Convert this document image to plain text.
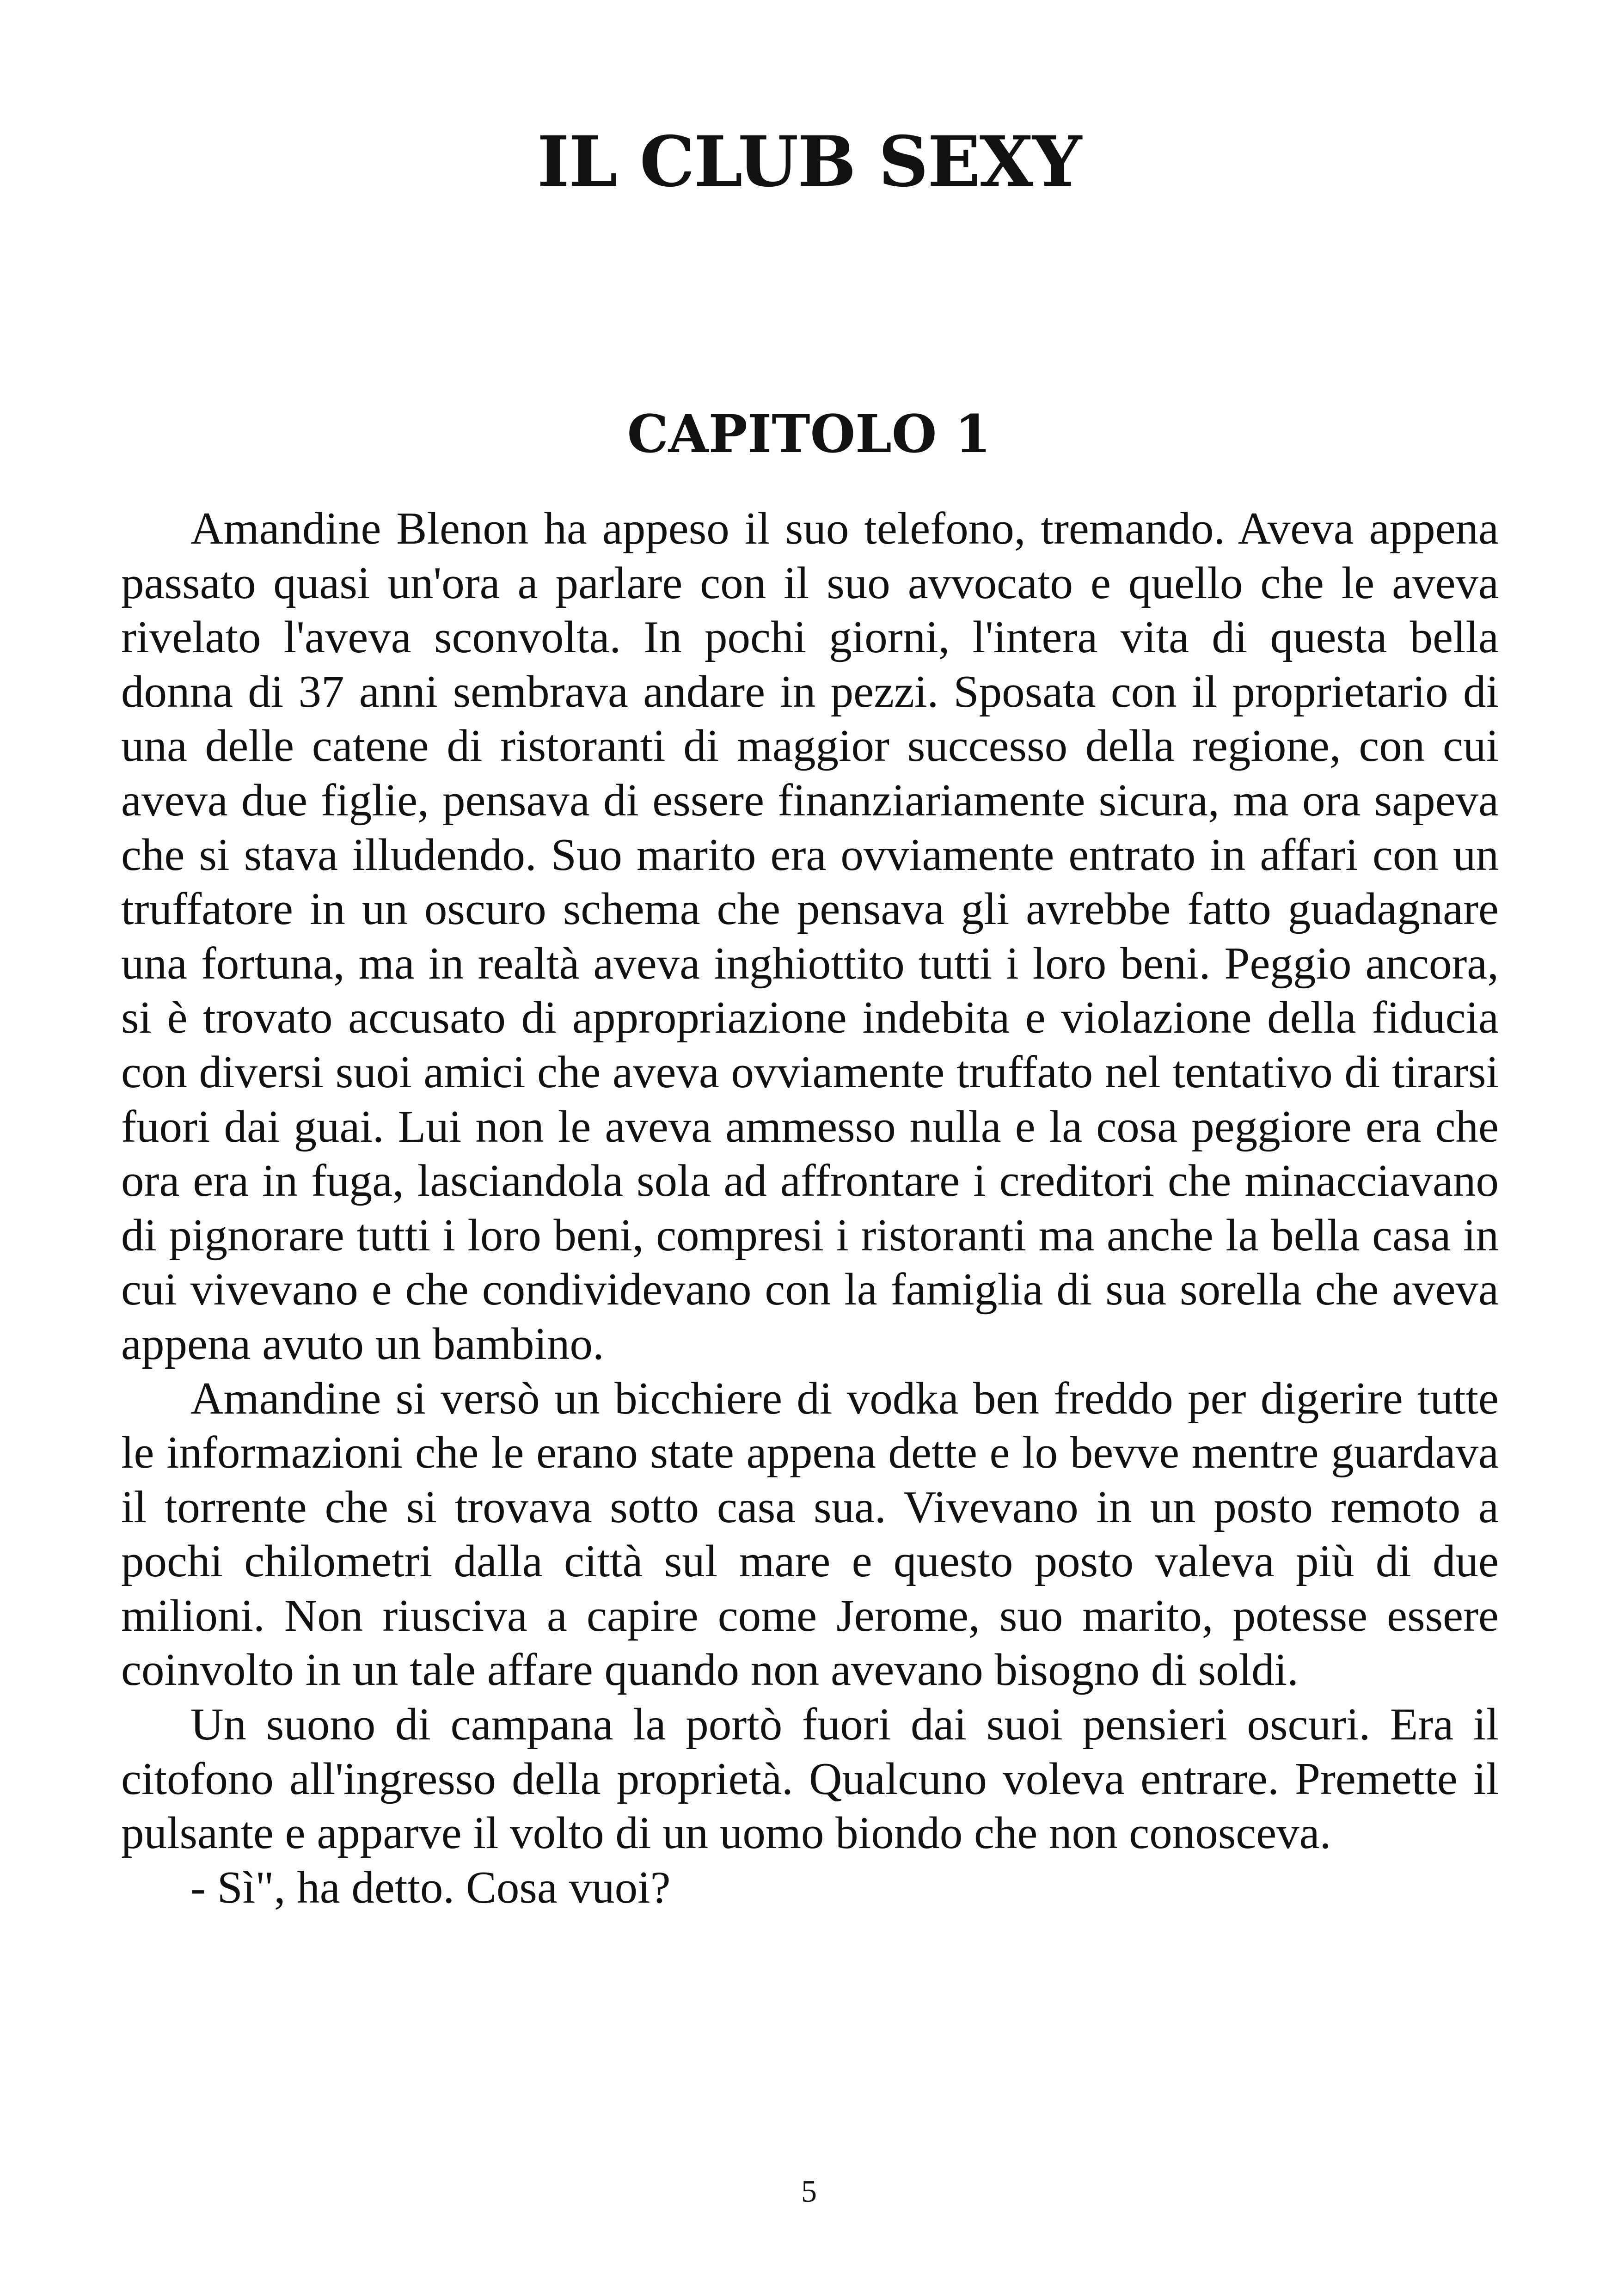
IL CLUB SEXY
CAPITOLO 1

Amandine Blenon ha appeso il suo telefono, tremando. Aveva appena passato quasi un'ora a parlare con il suo avvocato e quello che le aveva rivelato l'aveva sconvolta. In pochi giorni, l'intera vita di questa bella donna di 37 anni sembrava andare in pezzi. Sposata con il proprietario di una delle catene di ristoranti di maggior successo della regione, con cui aveva due figlie, pensava di essere finanziariamente sicura, ma ora sapeva che si stava illudendo. Suo marito era ovviamente entrato in affari con un truffatore in un oscuro schema che pensava gli avrebbe fatto guadagnare una fortuna, ma in realtà aveva inghiottito tutti i loro beni. Peggio ancora, si è trovato accusato di appropriazione indebita e violazione della fiducia con diversi suoi amici che aveva ovviamente truffato nel tentativo di tirarsi fuori dai guai. Lui non le aveva ammesso nulla e la cosa peggiore era che ora era in fuga, lasciandola sola ad affrontare i creditori che minacciavano di pignorare tutti i loro beni, compresi i ristoranti ma anche la bella casa in cui vivevano e che condividevano con la famiglia di sua sorella che aveva appena avuto un bambino.

Amandine si versò un bicchiere di vodka ben freddo per digerire tutte le informazioni che le erano state appena dette e lo bevve mentre guardava il torrente che si trovava sotto casa sua. Vivevano in un posto remoto a pochi chilometri dalla città sul mare e questo posto valeva più di due milioni. Non riusciva a capire come Jerome, suo marito, potesse essere coinvolto in un tale affare quando non avevano bisogno di soldi.

Un suono di campana la portò fuori dai suoi pensieri oscuri. Era il citofono all'ingresso della proprietà. Qualcuno voleva entrare. Premette il pulsante e apparve il volto di un uomo biondo che non conosceva.

- Sì", ha detto. Cosa vuoi?

5
